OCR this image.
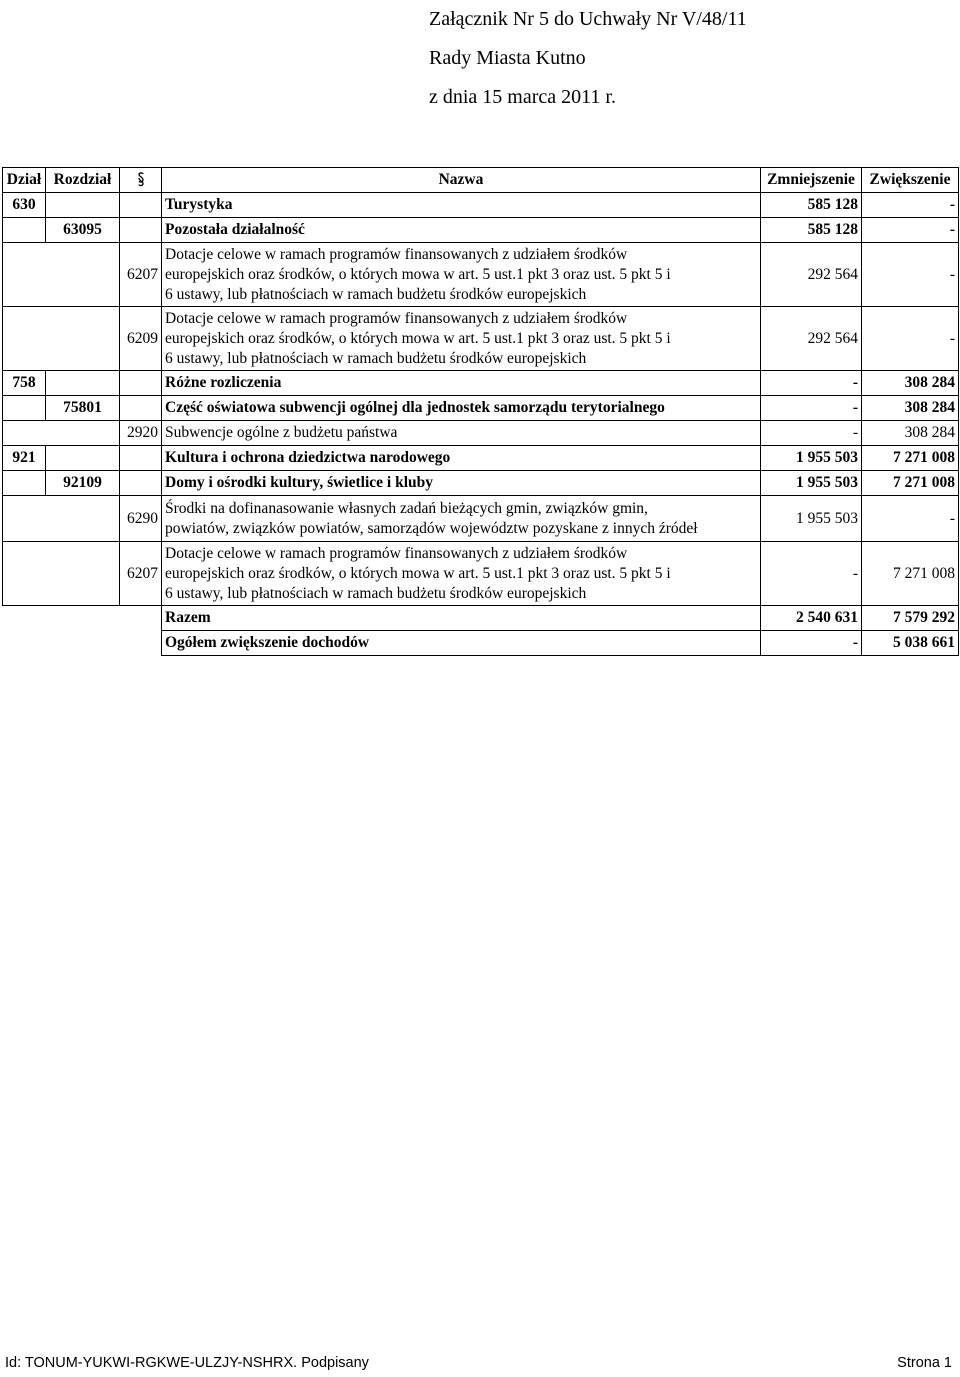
Załącznik Nr 5 do Uchwały Nr V/48/11
Rady Miasta Kutno
z dnia 15 marca 2011 r.
Dział	Rozdział		Nazwa	Zmniejszenie	Zwiększenie
630			Turystyka	585 128	-
	63095		Pozostała działalność	585 128	-
		6207	Dotacje celowe w ramach programów finansowanych z udziałem środków
europejskich oraz środków, o których mowa w art. 5 ust.1 pkt 3 oraz ust. 5 pkt 5 i
6 ustawy, lub płatnościach w ramach budżetu środków europejskich	292 564	-
		6209	Dotacje celowe w ramach programów finansowanych z udziałem środków
europejskich oraz środków, o których mowa w art. 5 ust.1 pkt 3 oraz ust. 5 pkt 5 i
6 ustawy, lub płatnościach w ramach budżetu środków europejskich	292 564	-
758			Różne rozliczenia	-	308 284
	75801		Część oświatowa subwencji ogólnej dla jednostek samorządu terytorialnego	-	308 284
		2920	Subwencje ogólne z budżetu państwa	-	308 284
921			Kultura i ochrona dziedzictwa narodowego	1 955 503	7 271 008
	92109		Domy i ośrodki kultury, świetlice i kluby	1 955 503	7 271 008
		6290	Środki na dofinanasowanie własnych zadań bieżących gmin, związków gmin,
powiatów, związków powiatów, samorządów województw pozyskane z innych źródeł	1 955 503	-
		6207	Dotacje celowe w ramach programów finansowanych z udziałem środków
europejskich oraz środków, o których mowa w art. 5 ust.1 pkt 3 oraz ust. 5 pkt 5 i
6 ustawy, lub płatnościach w ramach budżetu środków europejskich	-	7 271 008
			Razem	2 540 631	7 579 292
			Ogółem zwiększenie dochodów	-	5 038 661
Id: TONUM-YUKWI-RGKWE-ULZJY-NSHRX. Podpisany	Strona 1
